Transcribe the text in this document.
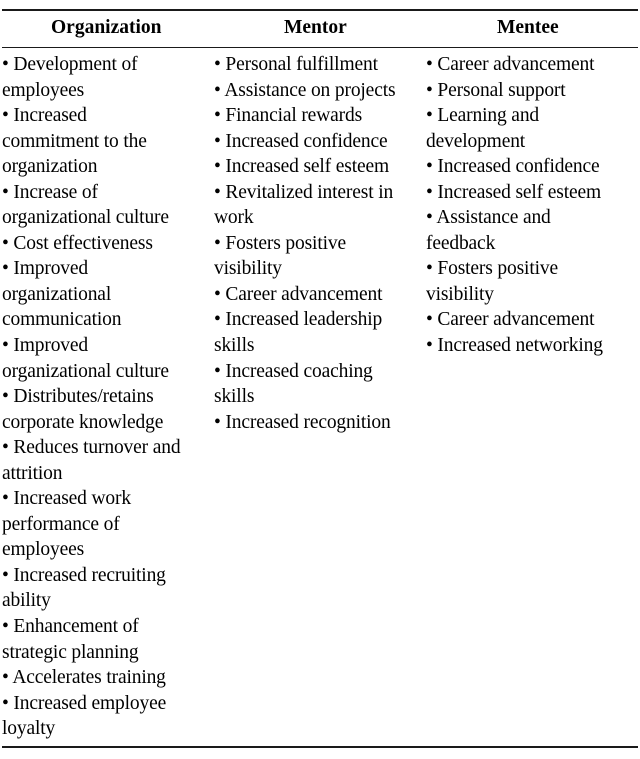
Organization	Mentor	Mentee
• Development of
employees
• Increased
commitment to the
organization
• Increase of
organizational culture
• Cost effectiveness
• Improved
organizational
communication
• Improved
organizational culture
• Distributes/retains
corporate knowledge
• Reduces turnover and
attrition
• Increased work
performance of
employees
• Increased recruiting
ability
• Enhancement of
strategic planning
• Accelerates training
• Increased employee
loyalty
• Personal fulfillment
• Assistance on projects
• Financial rewards
• Increased confidence
• Increased self esteem
• Revitalized interest in
work
• Fosters positive
visibility
• Career advancement
• Increased leadership
skills
• Increased coaching
skills
• Increased recognition
• Career advancement
• Personal support
• Learning and
development
• Increased confidence
• Increased self esteem
• Assistance and
feedback
• Fosters positive
visibility
• Career advancement
• Increased networking
